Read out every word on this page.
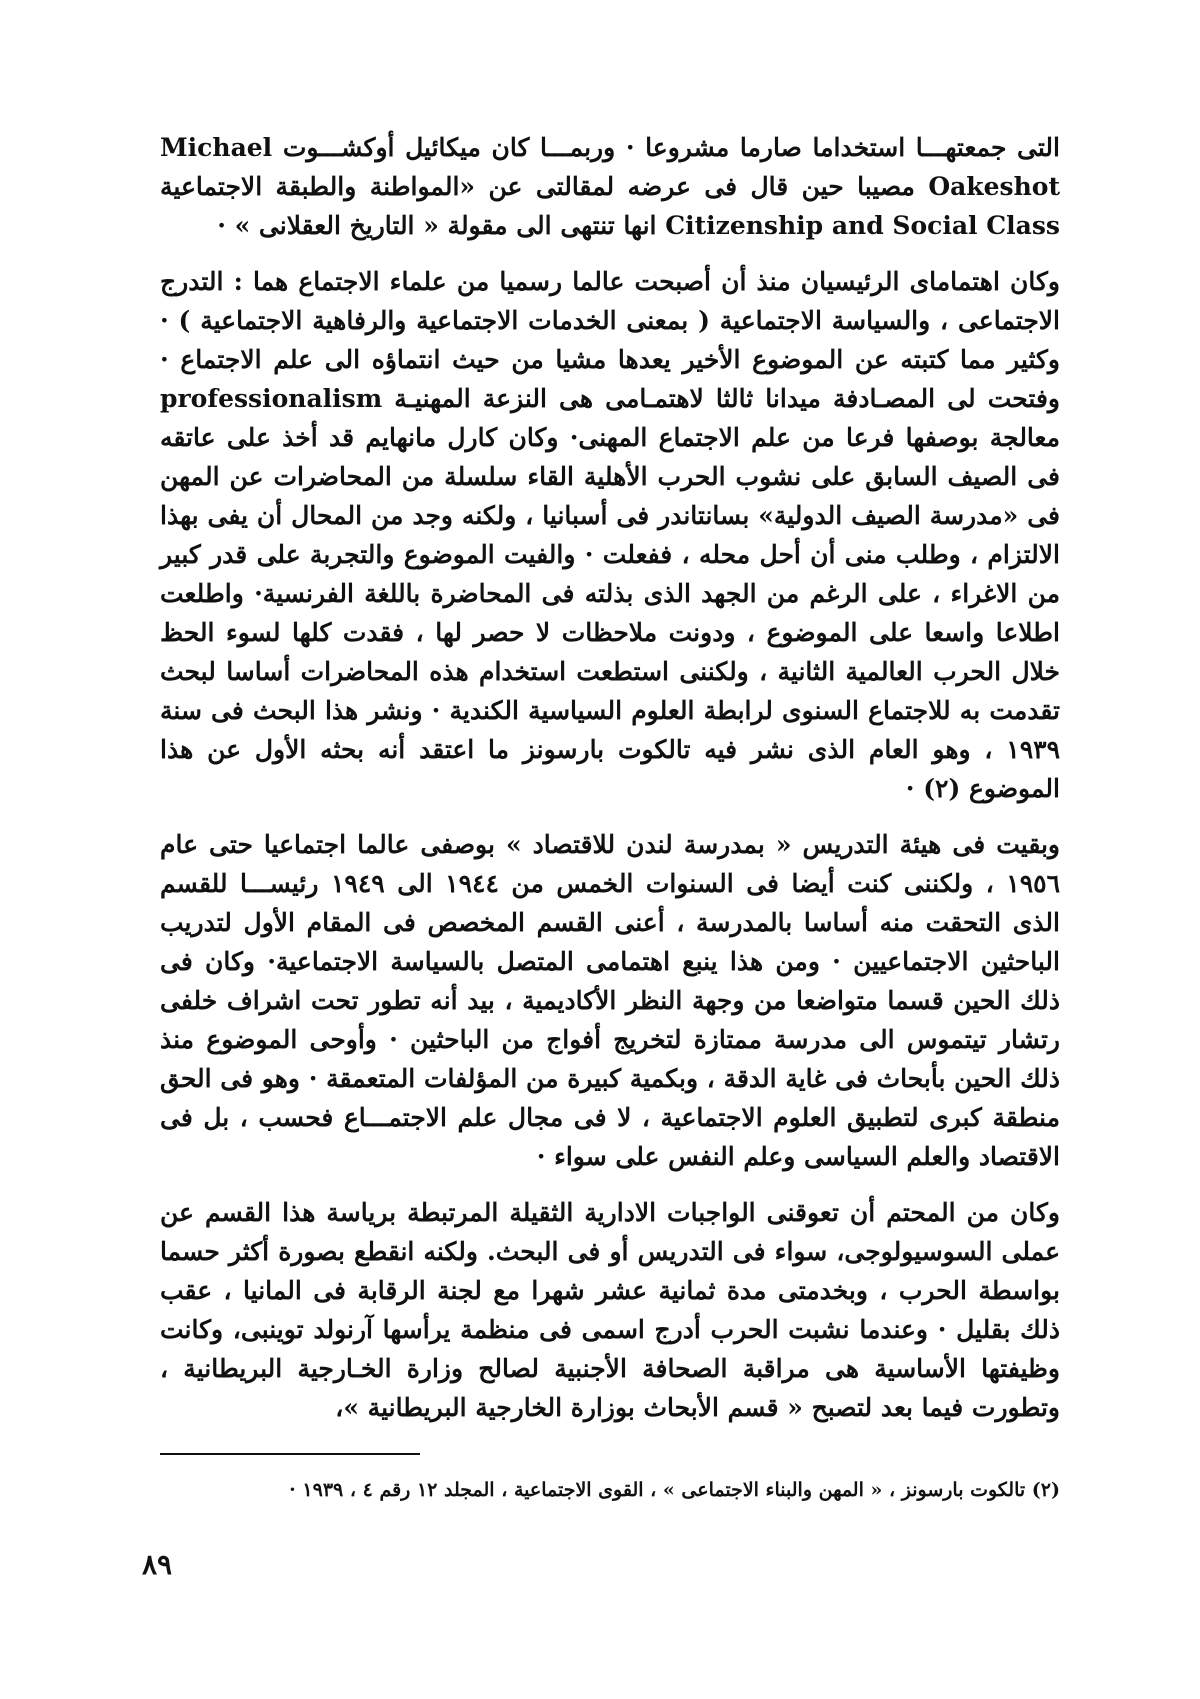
التى جمعتهـــا استخداما صارما مشروعا · وربمـــا كان ميكائيل أوكشـــوت Michael Oakeshot مصيبا حين قال فى عرضه لمقالتى عن «المواطنة والطبقة الاجتماعية Citizenship and Social Class انها تنتهى الى مقولة « التاريخ العقلانى » ·

وكان اهتماماى الرئيسيان منذ أن أصبحت عالما رسميا من علماء الاجتماع هما : التدرج الاجتماعى ، والسياسة الاجتماعية ( بمعنى الخدمات الاجتماعية والرفاهية الاجتماعية ) · وكثير مما كتبته عن الموضوع الأخير يعدها مشيا من حيث انتماؤه الى علم الاجتماع · وفتحت لى المصـادفة ميدانا ثالثا لاهتمـامى هى النزعة المهنيـة professionalism معالجة بوصفها فرعا من علم الاجتماع المهنى· وكان كارل مانهايم قد أخذ على عاتقه فى الصيف السابق على نشوب الحرب الأهلية القاء سلسلة من المحاضرات عن المهن فى «مدرسة الصيف الدولية» بسانتاندر فى أسبانيا ، ولكنه وجد من المحال أن يفى بهذا الالتزام ، وطلب منى أن أحل محله ، ففعلت · والفيت الموضوع والتجربة على قدر كبير من الاغراء ، على الرغم من الجهد الذى بذلته فى المحاضرة باللغة الفرنسية· واطلعت اطلاعا واسعا على الموضوع ، ودونت ملاحظات لا حصر لها ، فقدت كلها لسوء الحظ خلال الحرب العالمية الثانية ، ولكننى استطعت استخدام هذه المحاضرات أساسا لبحث تقدمت به للاجتماع السنوى لرابطة العلوم السياسية الكندية · ونشر هذا البحث فى سنة ١٩٣٩ ، وهو العام الذى نشر فيه تالكوت بارسونز ما اعتقد أنه بحثه الأول عن هذا الموضوع (٢) ·

وبقيت فى هيئة التدريس « بمدرسة لندن للاقتصاد » بوصفى عالما اجتماعيا حتى عام ١٩٥٦ ، ولكننى كنت أيضا فى السنوات الخمس من ١٩٤٤ الى ١٩٤٩ رئيســـا للقسم الذى التحقت منه أساسا بالمدرسة ، أعنى القسم المخصص فى المقام الأول لتدريب الباحثين الاجتماعيين · ومن هذا ينبع اهتمامى المتصل بالسياسة الاجتماعية· وكان فى ذلك الحين قسما متواضعا من وجهة النظر الأكاديمية ، بيد أنه تطور تحت اشراف خلفى رتشار تيتموس الى مدرسة ممتازة لتخريج أفواج من الباحثين · وأوحى الموضوع منذ ذلك الحين بأبحاث فى غاية الدقة ، وبكمية كبيرة من المؤلفات المتعمقة · وهو فى الحق منطقة كبرى لتطبيق العلوم الاجتماعية ، لا فى مجال علم الاجتمـــاع فحسب ، بل فى الاقتصاد والعلم السياسى وعلم النفس على سواء ·

وكان من المحتم أن تعوقنى الواجبات الادارية الثقيلة المرتبطة برياسة هذا القسم عن عملى السوسيولوجى، سواء فى التدريس أو فى البحث. ولكنه انقطع بصورة أكثر حسما بواسطة الحرب ، وبخدمتى مدة ثمانية عشر شهرا مع لجنة الرقابة فى المانيا ، عقب ذلك بقليل · وعندما نشبت الحرب أدرج اسمى فى منظمة يرأسها آرنولد توينبى، وكانت وظيفتها الأساسية هى مراقبة الصحافة الأجنبية لصالح وزارة الخـارجية البريطانية ، وتطورت فيما بعد لتصبح « قسم الأبحاث بوزارة الخارجية البريطانية »،

(٢) تالكوت بارسونز ، « المهن والبناء الاجتماعى » ، القوى الاجتماعية ، المجلد ١٢ رقم ٤ ، ١٩٣٩ ·

٨٩
